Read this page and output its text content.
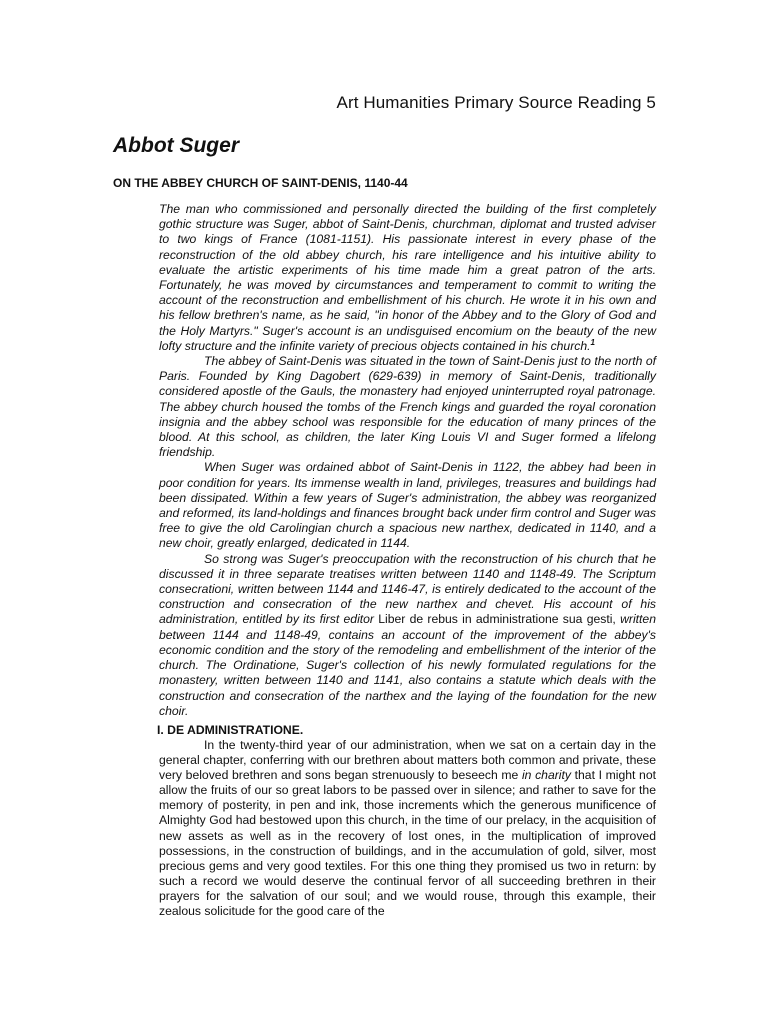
Art Humanities Primary Source Reading 5
Abbot Suger
ON THE ABBEY CHURCH OF SAINT-DENIS, 1140-44

The man who commissioned and personally directed the building of the first completely gothic structure was Suger, abbot of Saint-Denis, churchman, diplomat and trusted adviser to two kings of France (1081-1151). His passionate interest in every phase of the reconstruction of the old abbey church, his rare intelligence and his intuitive ability to evaluate the artistic experiments of his time made him a great patron of the arts. Fortunately, he was moved by circumstances and temperament to commit to writing the account of the reconstruction and embellishment of his church. He wrote it in his own and his fellow brethren's name, as he said, "in honor of the Abbey and to the Glory of God and the Holy Martyrs." Suger's account is an undisguised encomium on the beauty of the new lofty structure and the infinite variety of precious objects contained in his church.$^1$

The abbey of Saint-Denis was situated in the town of Saint-Denis just to the north of Paris. Founded by King Dagobert (629-639) in memory of Saint-Denis, traditionally considered apostle of the Gauls, the monastery had enjoyed uninterrupted royal patronage. The abbey church housed the tombs of the French kings and guarded the royal coronation insignia and the abbey school was responsible for the education of many princes of the blood. At this school, as children, the later King Louis VI and Suger formed a lifelong friendship.

When Suger was ordained abbot of Saint-Denis in 1122, the abbey had been in poor condition for years. Its immense wealth in land, privileges, treasures and buildings had been dissipated. Within a few years of Suger's administration, the abbey was reorganized and reformed, its land-holdings and finances brought back under firm control and Suger was free to give the old Carolingian church a spacious new narthex, dedicated in 1140, and a new choir, greatly enlarged, dedicated in 1144.

So strong was Suger's preoccupation with the reconstruction of his church that he discussed it in three separate treatises written between 1140 and 1148-49. The Scriptum consecrationi, written between 1144 and 1146-47, is entirely dedicated to the account of the construction and consecration of the new narthex and chevet. His account of his administration, entitled by its first editor Liber de rebus in administratione sua gesti, written between 1144 and 1148-49, contains an account of the improvement of the abbey's economic condition and the story of the remodeling and embellishment of the interior of the church. The Ordinatione, Suger's collection of his newly formulated regulations for the monastery, written between 1140 and 1141, also contains a statute which deals with the construction and consecration of the narthex and the laying of the foundation for the new choir.

I. DE ADMINISTRATIONE.

In the twenty-third year of our administration, when we sat on a certain day in the general chapter, conferring with our brethren about matters both common and private, these very beloved brethren and sons began strenuously to beseech me in charity that I might not allow the fruits of our so great labors to be passed over in silence; and rather to save for the memory of posterity, in pen and ink, those increments which the generous munificence of Almighty God had bestowed upon this church, in the time of our prelacy, in the acquisition of new assets as well as in the recovery of lost ones, in the multiplication of improved possessions, in the construction of buildings, and in the accumulation of gold, silver, most precious gems and very good textiles. For this one thing they promised us two in return: by such a record we would deserve the continual fervor of all succeeding brethren in their prayers for the salvation of our soul; and we would rouse, through this example, their zealous solicitude for the good care of the
